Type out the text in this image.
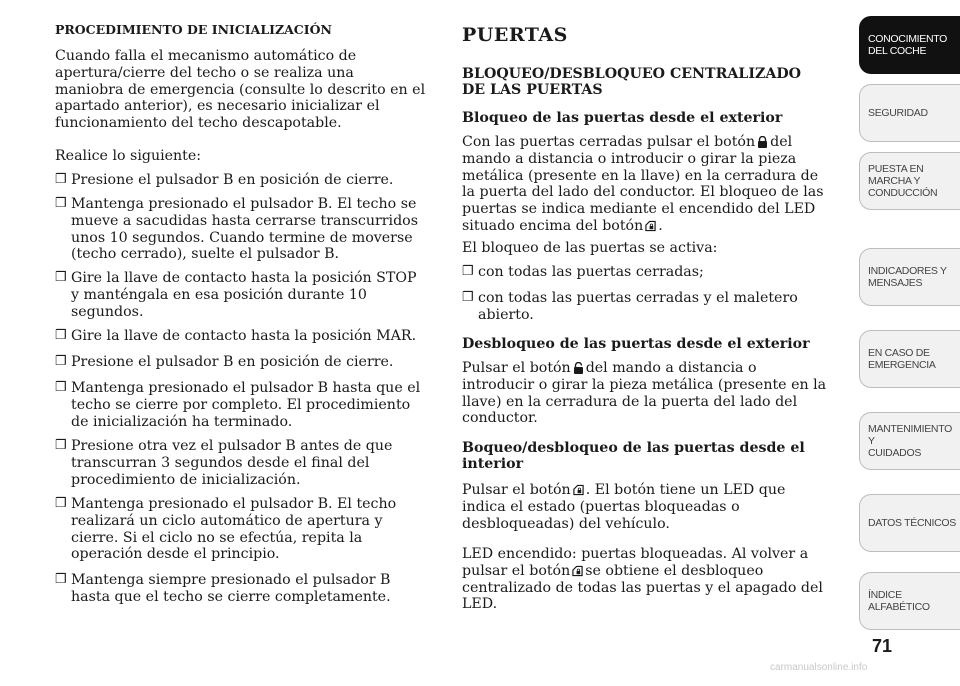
PROCEDIMIENTO DE INICIALIZACIÓN

Cuando falla el mecanismo automático de
apertura/cierre del techo o se realiza una
maniobra de emergencia (consulte lo descrito en el
apartado anterior), es necesario inicializar el
funcionamiento del techo descapotable.

Realice lo siguiente:

❒ Presione el pulsador B en posición de cierre.
❒ Mantenga presionado el pulsador B. El techo se
mueve a sacudidas hasta cerrarse transcurridos
unos 10 segundos. Cuando termine de moverse
(techo cerrado), suelte el pulsador B.
❒ Gire la llave de contacto hasta la posición STOP
y manténgala en esa posición durante 10
segundos.
❒ Gire la llave de contacto hasta la posición MAR.
❒ Presione el pulsador B en posición de cierre.
❒ Mantenga presionado el pulsador B hasta que el
techo se cierre por completo. El procedimiento
de inicialización ha terminado.
❒ Presione otra vez el pulsador B antes de que
transcurran 3 segundos desde el final del
procedimiento de inicialización.
❒ Mantenga presionado el pulsador B. El techo
realizará un ciclo automático de apertura y
cierre. Si el ciclo no se efectúa, repita la
operación desde el principio.
❒ Mantenga siempre presionado el pulsador B
hasta que el techo se cierre completamente.

PUERTAS

BLOQUEO/DESBLOQUEO CENTRALIZADO
DE LAS PUERTAS

Bloqueo de las puertas desde el exterior

Con las puertas cerradas pulsar el botón del
mando a distancia o introducir o girar la pieza
metálica (presente en la llave) en la cerradura de
la puerta del lado del conductor. El bloqueo de las
puertas se indica mediante el encendido del LED
situado encima del botón .

El bloqueo de las puertas se activa:

❒ con todas las puertas cerradas;
❒ con todas las puertas cerradas y el maletero
abierto.

Desbloqueo de las puertas desde el exterior

Pulsar el botón del mando a distancia o
introducir o girar la pieza metálica (presente en la
llave) en la cerradura de la puerta del lado del
conductor.

Boqueo/desbloqueo de las puertas desde el
interior

Pulsar el botón . El botón tiene un LED que
indica el estado (puertas bloqueadas o
desbloqueadas) del vehículo.

LED encendido: puertas bloqueadas. Al volver a
pulsar el botón se obtiene el desbloqueo
centralizado de todas las puertas y el apagado del
LED.

CONOCIMIENTO
DEL COCHE
SEGURIDAD
PUESTA EN
MARCHA Y
CONDUCCIÓN
INDICADORES Y
MENSAJES
EN CASO DE
EMERGENCIA
MANTENIMIENTO Y
CUIDADOS
DATOS TÉCNICOS
ÍNDICE
ALFABÉTICO
71
carmanualsonline.info
